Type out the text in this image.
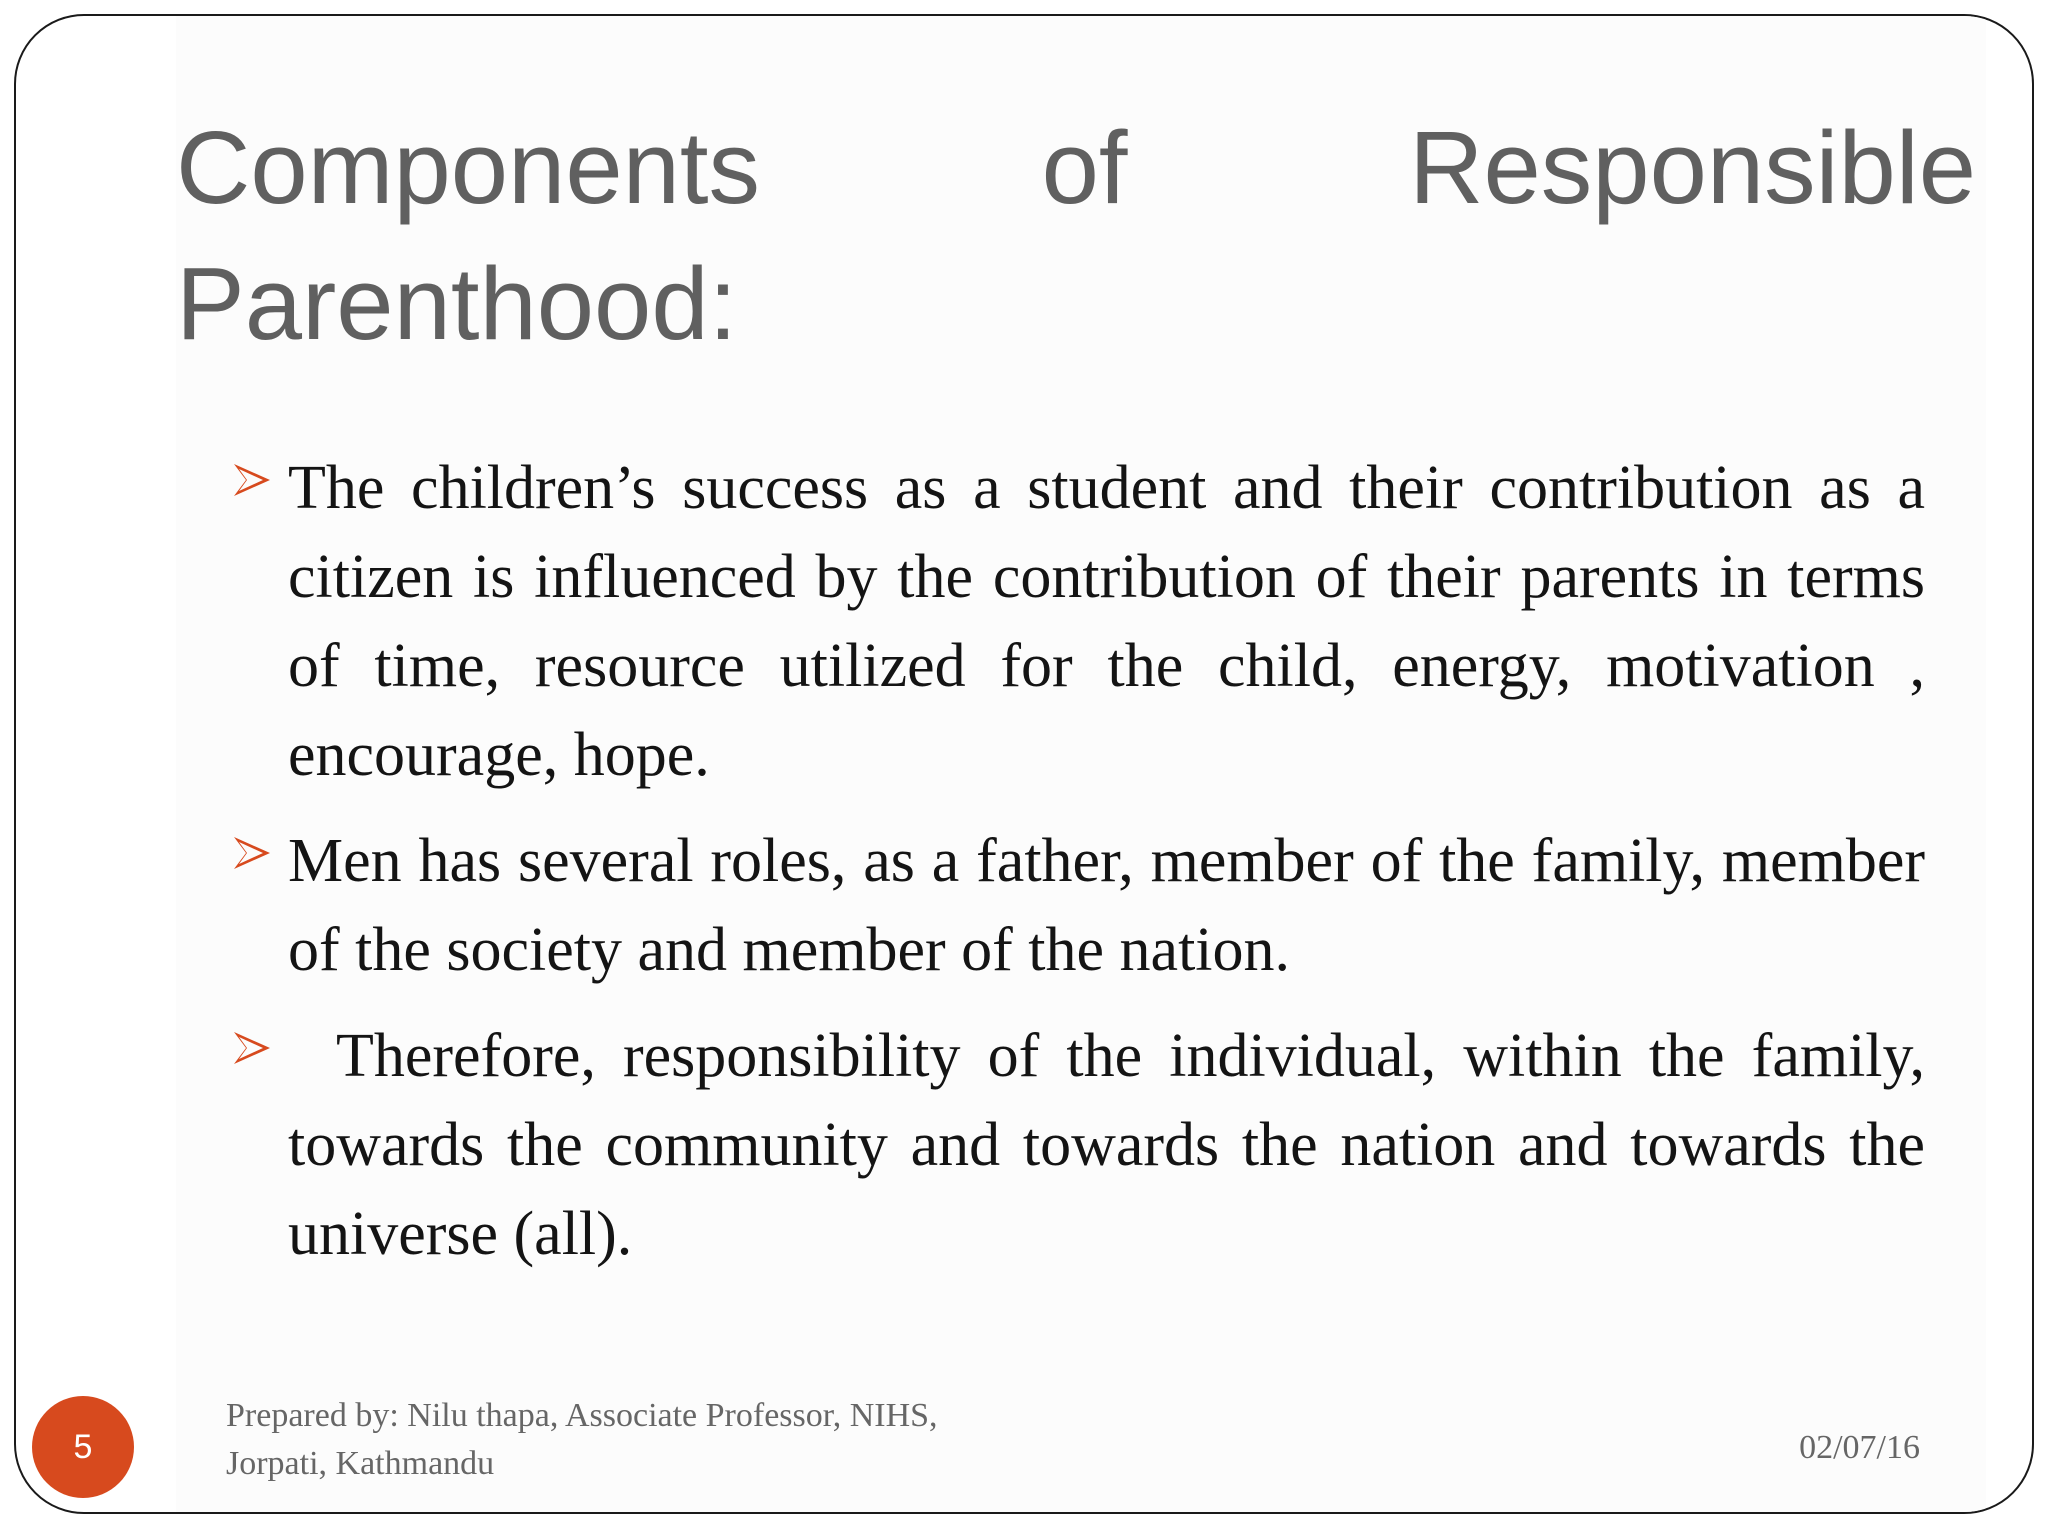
Components of Responsible
Parenthood:
The children’s success as a student and their contribution as a citizen is influenced by the contribution of their parents in terms of time, resource utilized for the child, energy, motivation , encourage, hope.
Men has several roles, as a father, member of the family, member of the society and member of the nation.
Therefore, responsibility of the individual, within the family, towards the community and towards the nation and towards the universe (all).
5
Prepared by: Nilu thapa, Associate Professor, NIHS,
Jorpati, Kathmandu	02/07/16
